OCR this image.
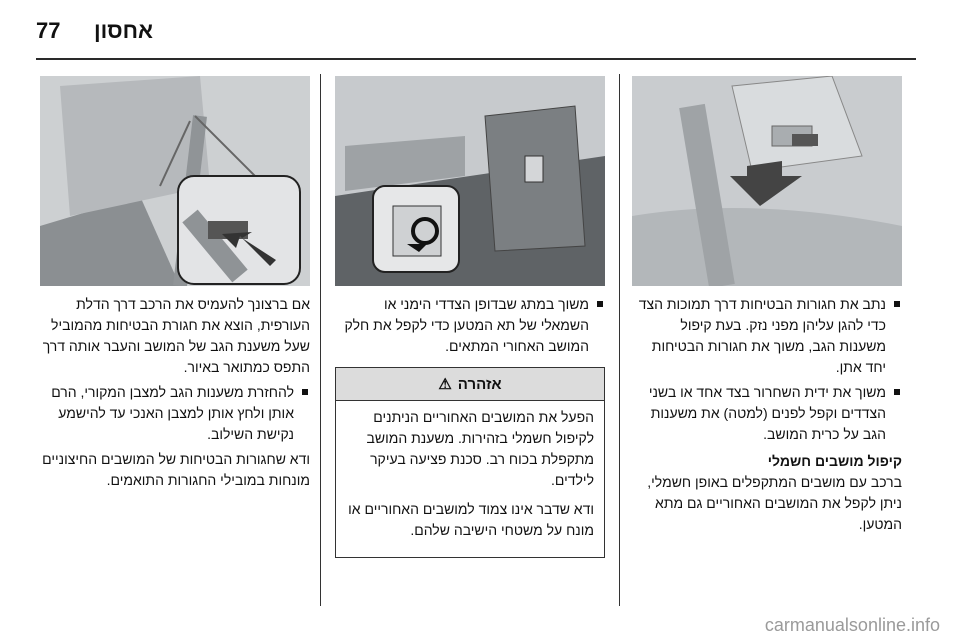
77 אחסון
נתב את חגורות הבטיחות דרך תמוכות הצד כדי להגן עליהן מפני נזק. בעת קיפול משענות הגב, משוך את חגורות הבטיחות יחד אתן.
משוך את ידית השחרור בצד אחד או בשני הצדדים וקפל לפנים (למטה) את משענות הגב על כרית המושב.
קיפול מושבים חשמלי
ברכב עם מושבים המתקפלים באופן חשמלי, ניתן לקפל את המושבים האחוריים גם מתא המטען.
משוך במתג שבדופן הצדדי הימני או השמאלי של תא המטען כדי לקפל את חלק המושב האחורי המתאים.
אזהרה
⚠

הפעל את המושבים האחוריים הניתנים לקיפול חשמלי בזהירות. משענת המושב מתקפלת בכוח רב. סכנת פציעה בעיקר לילדים.

ודא שדבר אינו צמוד למושבים האחוריים או מונח על משטחי הישיבה שלהם.

אם ברצונך להעמיס את הרכב דרך הדלת העורפית, הוצא את חגורת הבטיחות מהמוביל שעל משענת הגב של המושב והעבר אותה דרך התפס כמתואר באיור.
להחזרת משענות הגב למצבן המקורי, הרם אותן ולחץ אותן למצבן האנכי עד להישמע נקישת השילוב.
ודא שחגורות הבטיחות של המושבים החיצוניים מונחות במובילי החגורות התואמים.
carmanualsonline.info
